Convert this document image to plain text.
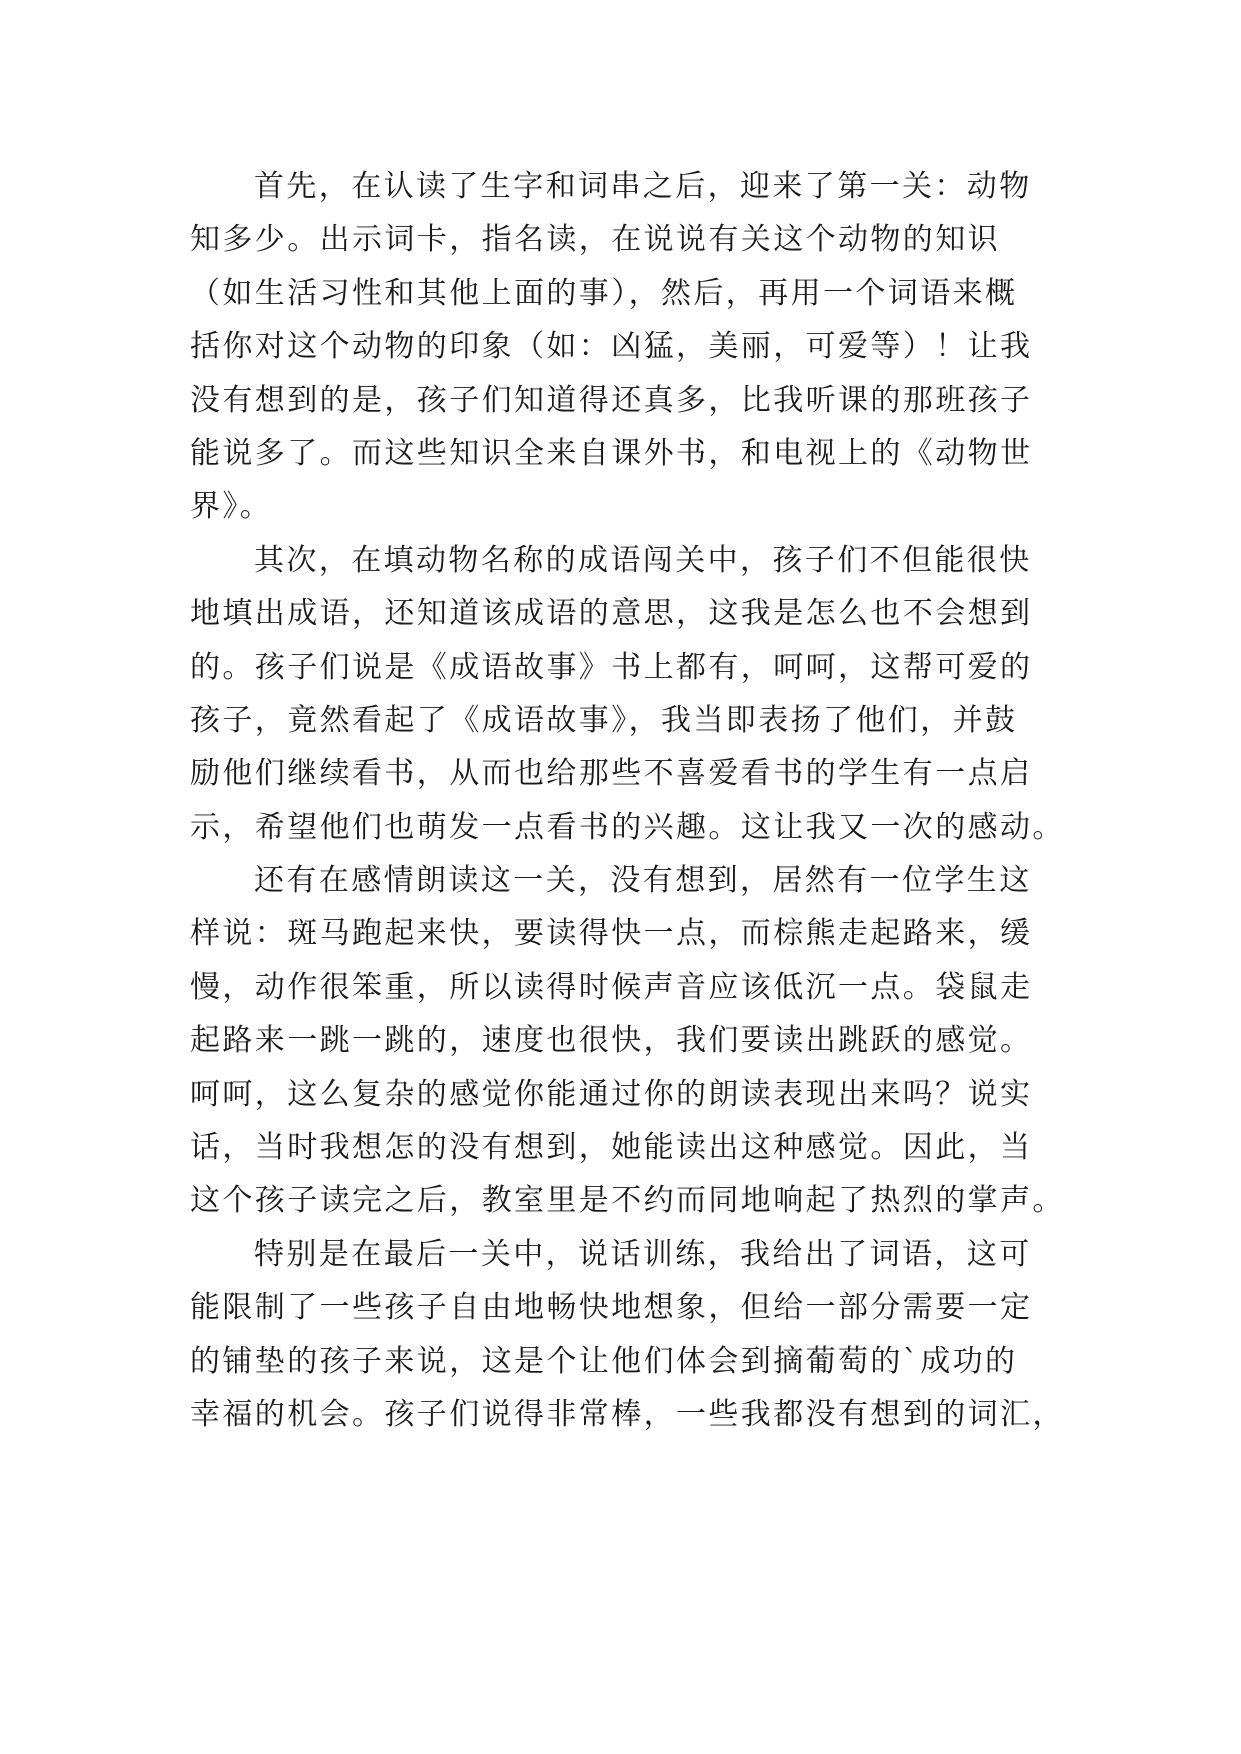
首先，在认读了生字和词串之后，迎来了第一关：动物
知多少。出示词卡，指名读，在说说有关这个动物的知识
（如生活习性和其他上面的事），然后，再用一个词语来概
括你对这个动物的印象（如：凶猛，美丽，可爱等）！让我
没有想到的是，孩子们知道得还真多，比我听课的那班孩子
能说多了。而这些知识全来自课外书，和电视上的《动物世
界》。
其次，在填动物名称的成语闯关中，孩子们不但能很快
地填出成语，还知道该成语的意思，这我是怎么也不会想到
的。孩子们说是《成语故事》书上都有，呵呵，这帮可爱的
孩子，竟然看起了《成语故事》，我当即表扬了他们，并鼓
励他们继续看书，从而也给那些不喜爱看书的学生有一点启
示，希望他们也萌发一点看书的兴趣。这让我又一次的感动。
还有在感情朗读这一关，没有想到，居然有一位学生这
样说：斑马跑起来快，要读得快一点，而棕熊走起路来，缓
慢，动作很笨重，所以读得时候声音应该低沉一点。袋鼠走
起路来一跳一跳的，速度也很快，我们要读出跳跃的感觉。
呵呵，这么复杂的感觉你能通过你的朗读表现出来吗？说实
话，当时我想怎的没有想到，她能读出这种感觉。因此，当
这个孩子读完之后，教室里是不约而同地响起了热烈的掌声。
特别是在最后一关中，说话训练，我给出了词语，这可
能限制了一些孩子自由地畅快地想象，但给一部分需要一定
的铺垫的孩子来说，这是个让他们体会到摘葡萄的`成功的
幸福的机会。孩子们说得非常棒，一些我都没有想到的词汇，
